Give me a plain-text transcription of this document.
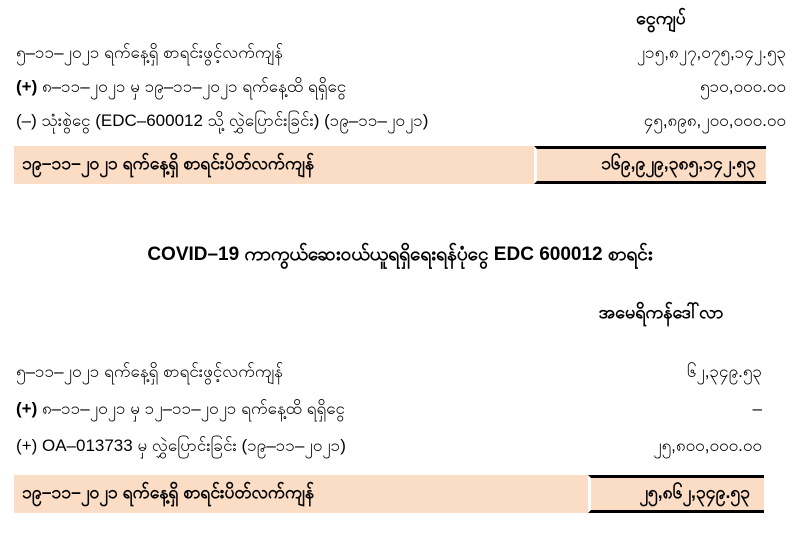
ငွေကျပ်
၅–၁၁–၂၀၂၁ ရက်နေ့ရှိ စာရင်းဖွင့်လက်ကျန်	၂၁၅,၈၂၇,၀၇၅,၁၄၂.၅၃
(+) ၈–၁၁–၂၀၂၁ မှ ၁၉–၁၁–၂၀၂၁ ရက်နေ့ထိ ရရှိငွေ	၅၁၀,၀၀၀.၀၀
(–) သုံးစွဲငွေ (EDC–600012 သို့ လွှဲပြောင်းခြင်း) (၁၉–၁၁–၂၀၂၁)	၄၅,၈၉၈,၂၀၀,၀၀၀.၀၀
၁၉–၁၁–၂၀၂၁ ရက်နေ့ရှိ စာရင်းပိတ်လက်ကျန်	၁၆၉,၉၂၉,၃၈၅,၁၄၂.၅၃
COVID–19 ကာကွယ်ဆေးဝယ်ယူရရှိရေးရန်ပုံငွေ EDC 600012 စာရင်း
အမေရိကန်ဒေါ်လာ
၅–၁၁–၂၀၂၁ ရက်နေ့ရှိ စာရင်းဖွင့်လက်ကျန်	၆၂,၃၄၉.၅၃
(+) ၈–၁၁–၂၀၂၁ မှ ၁၂–၁၁–၂၀၂၁ ရက်နေ့ထိ ရရှိငွေ	–
(+) OA–013733 မှ လွှဲပြောင်းခြင်း (၁၉–၁၁–၂၀၂၁)	၂၅,၈၀၀,၀၀၀.၀၀
၁၉–၁၁–၂၀၂၁ ရက်နေ့ရှိ စာရင်းပိတ်လက်ကျန်	၂၅,၈၆၂,၃၄၉.၅၃
